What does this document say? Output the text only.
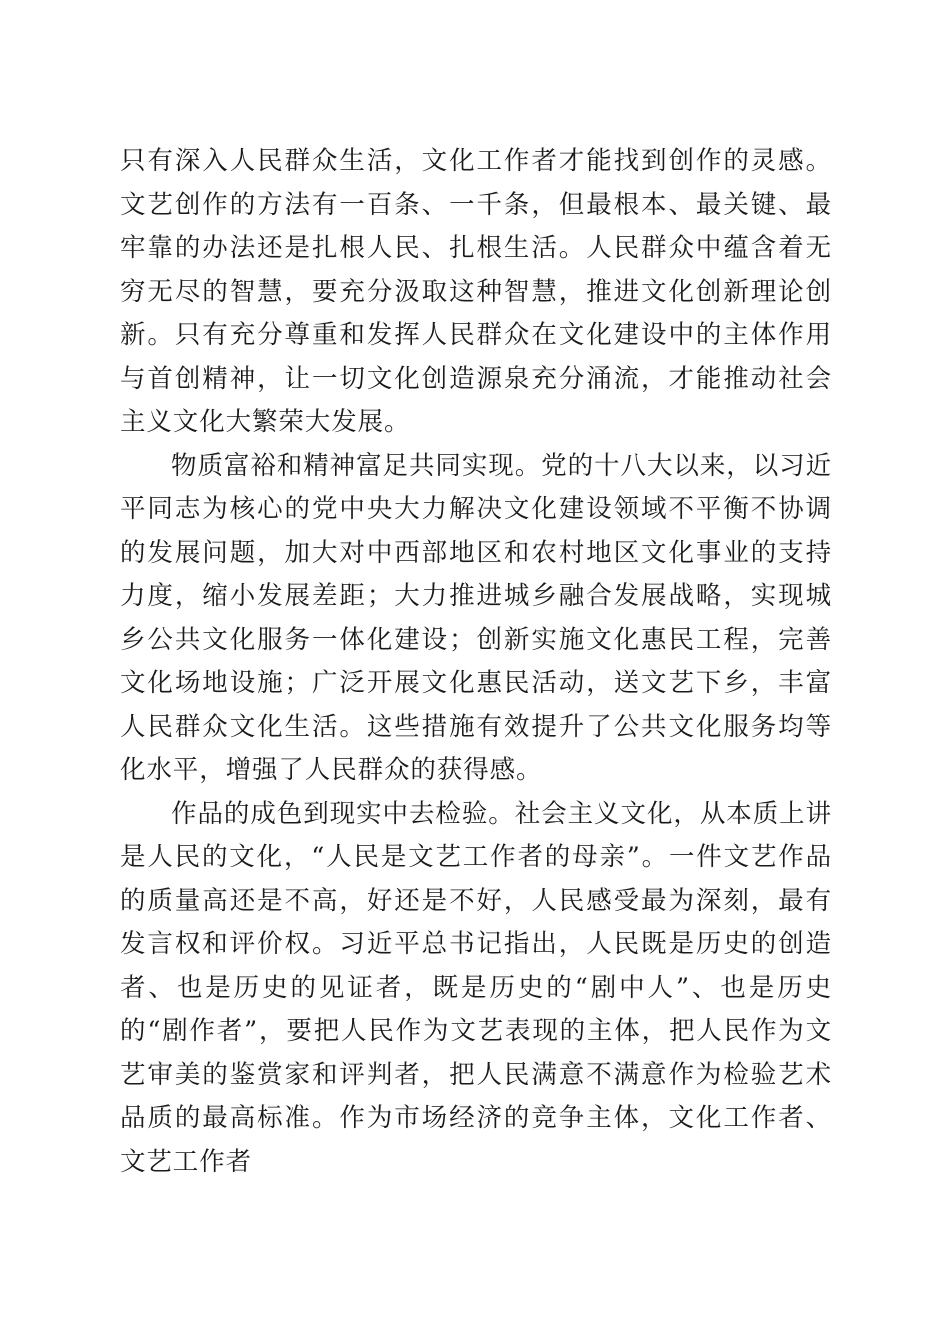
只有深入人民群众生活，文化工作者才能找到创作的灵感。文艺创作的方法有一百条、一千条，但最根本、最关键、最牢靠的办法还是扎根人民、扎根生活。人民群众中蕴含着无穷无尽的智慧，要充分汲取这种智慧，推进文化创新理论创新。只有充分尊重和发挥人民群众在文化建设中的主体作用与首创精神，让一切文化创造源泉充分涌流，才能推动社会主义文化大繁荣大发展。

物质富裕和精神富足共同实现。党的十八大以来，以习近平同志为核心的党中央大力解决文化建设领域不平衡不协调的发展问题，加大对中西部地区和农村地区文化事业的支持力度，缩小发展差距；大力推进城乡融合发展战略，实现城乡公共文化服务一体化建设；创新实施文化惠民工程，完善文化场地设施；广泛开展文化惠民活动，送文艺下乡，丰富人民群众文化生活。这些措施有效提升了公共文化服务均等化水平，增强了人民群众的获得感。

作品的成色到现实中去检验。社会主义文化，从本质上讲是人民的文化，“人民是文艺工作者的母亲”。一件文艺作品的质量高还是不高，好还是不好，人民感受最为深刻，最有发言权和评价权。习近平总书记指出，人民既是历史的创造者、也是历史的见证者，既是历史的“剧中人”、也是历史的“剧作者”，要把人民作为文艺表现的主体，把人民作为文艺审美的鉴赏家和评判者，把人民满意不满意作为检验艺术品质的最高标准。作为市场经济的竞争主体，文化工作者、文艺工作者
